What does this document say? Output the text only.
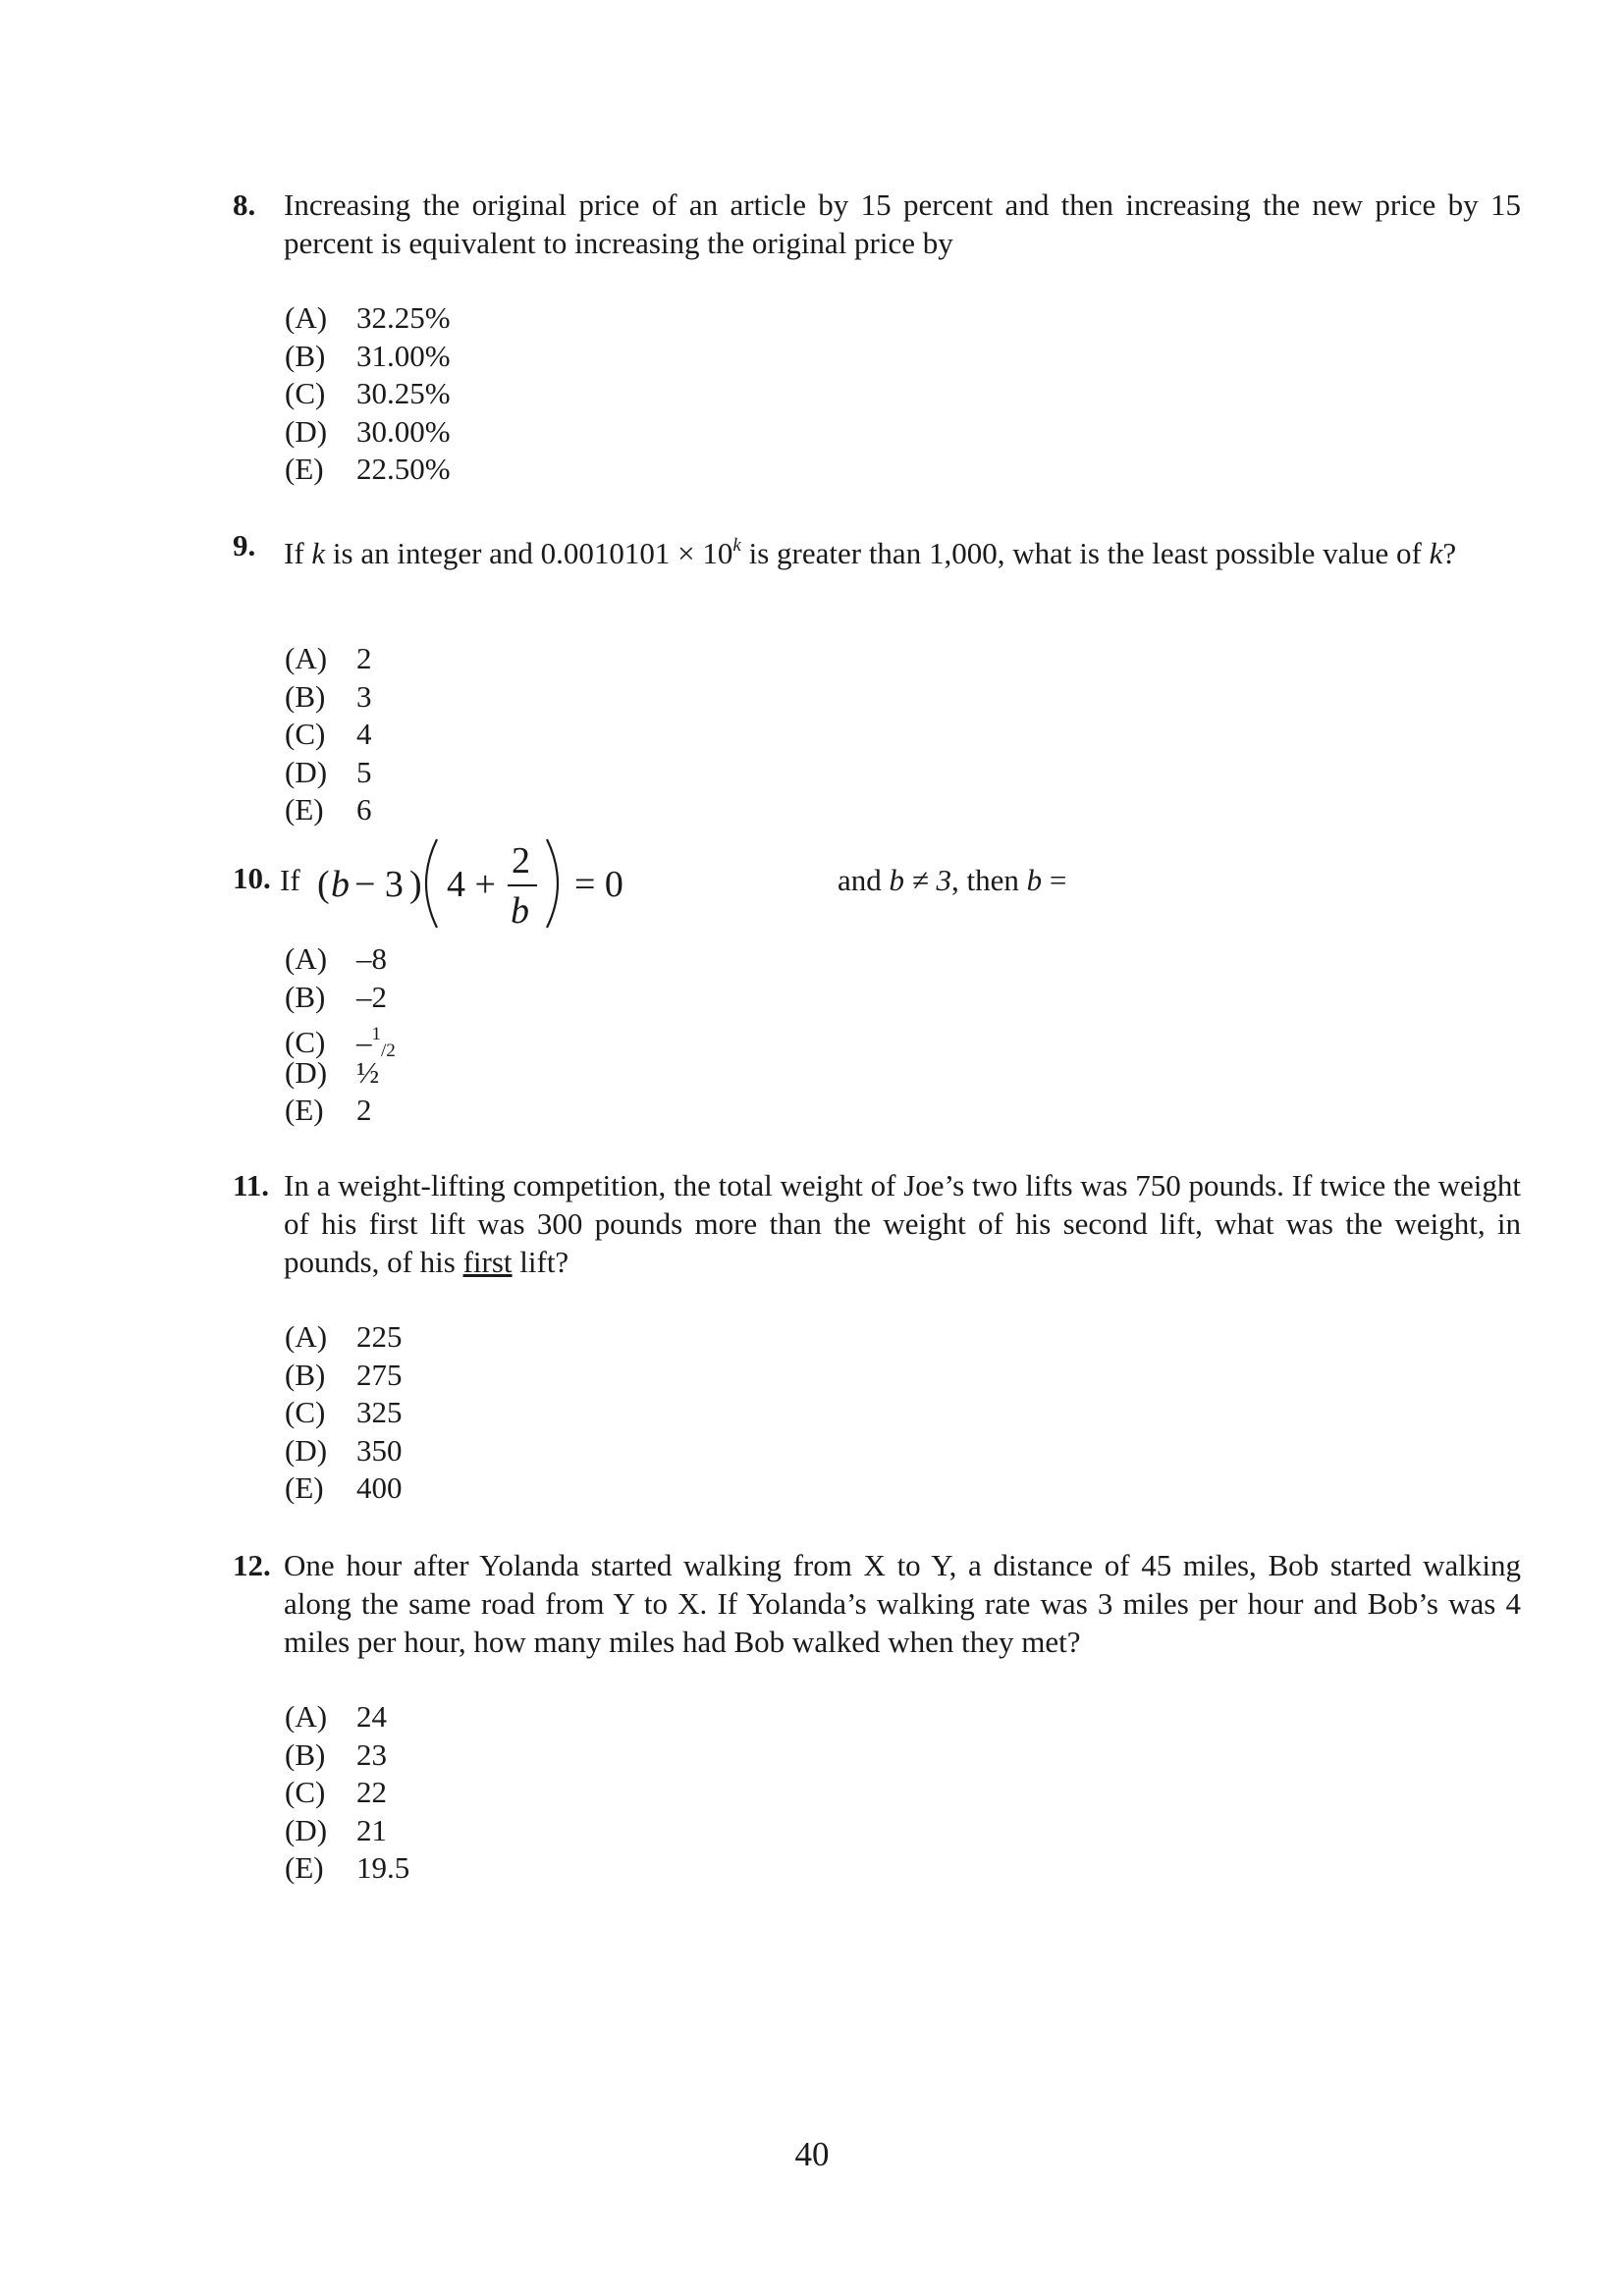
8. Increasing the original price of an article by 15 percent and then increasing the new price by 15 percent is equivalent to increasing the original price by
(A) 32.25%
(B) 31.00%
(C) 30.25%
(D) 30.00%
(E) 22.50%
9. If k is an integer and $0.0010101 \times 10^k$ is greater than 1,000, what is the least possible value of k?
(A) 2
(B) 3
(C) 4
(D) 5
(E) 6
10. If ( b − 3 ) 4 +
2
b
= 0	and b ≠ 3, then b =
(A) –8
(B) –2
(C) –$^1_{/2}$
(D) ½
(E) 2
11. In a weight-lifting competition, the total weight of Joe’s two lifts was 750 pounds. If twice the weight of his first lift was 300 pounds more than the weight of his second lift, what was the weight, in pounds, of his first lift?
(A) 225
(B) 275
(C) 325
(D) 350
(E) 400
12. One hour after Yolanda started walking from X to Y, a distance of 45 miles, Bob started walking along the same road from Y to X. If Yolanda’s walking rate was 3 miles per hour and Bob’s was 4 miles per hour, how many miles had Bob walked when they met?
(A) 24
(B) 23
(C) 22
(D) 21
(E) 19.5
40
